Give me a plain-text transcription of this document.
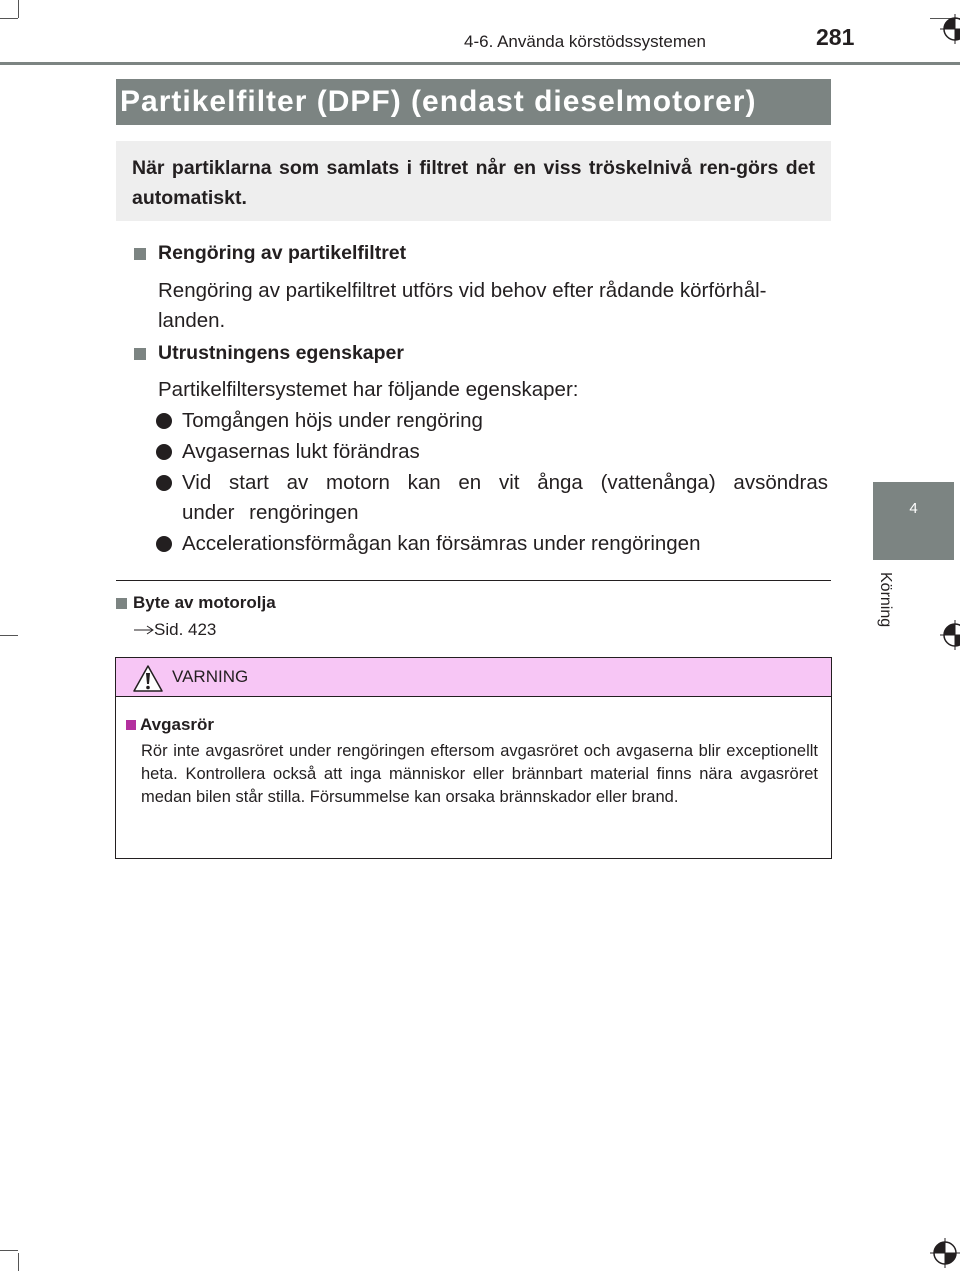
4-6. Använda körstödssystemen	281
4
Körning
Partikelfilter (DPF) (endast dieselmotorer)
När partiklarna som samlats i filtret når en viss tröskelnivå ren-görs det automatiskt.
Rengöring av partikelfiltret
Rengöring av partikelfiltret utförs vid behov efter rådande körförhål-landen.
Utrustningens egenskaper
Partikelfiltersystemet har följande egenskaper:
Tomgången höjs under rengöring
Avgasernas lukt förändras
Vid start av motorn kan en vit ånga (vattenånga) avsöndras under rengöringen
Accelerationsförmågan kan försämras under rengöringen
Byte av motorolja
Sid. 423
VARNING
Avgasrör
Rör inte avgasröret under rengöringen eftersom avgasröret och avgaserna blir exceptionellt heta. Kontrollera också att inga människor eller brännbart material finns nära avgasröret medan bilen står stilla. Försummelse kan orsaka brännskador eller brand.
